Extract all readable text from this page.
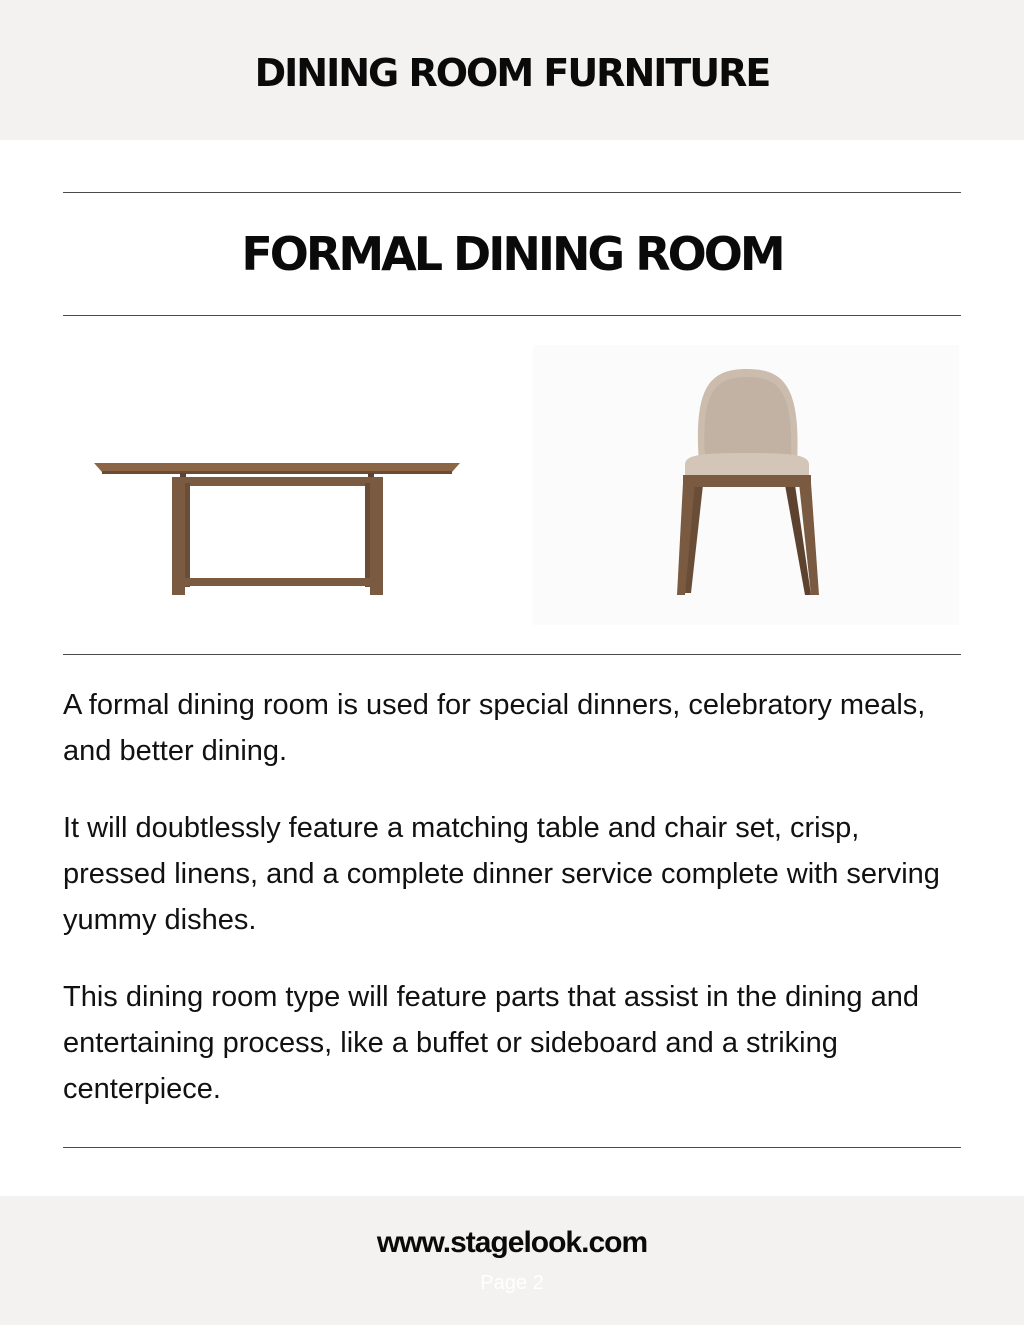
DINING ROOM FURNITURE
FORMAL DINING ROOM

A formal dining room is used for special dinners, celebratory meals, and better dining.

It will doubtlessly feature a matching table and chair set, crisp, pressed linens, and a complete dinner service complete with serving yummy dishes.

This dining room type will feature parts that assist in the dining and entertaining process, like a buffet or sideboard and a striking centerpiece.

www.stagelook.com
Page 2
